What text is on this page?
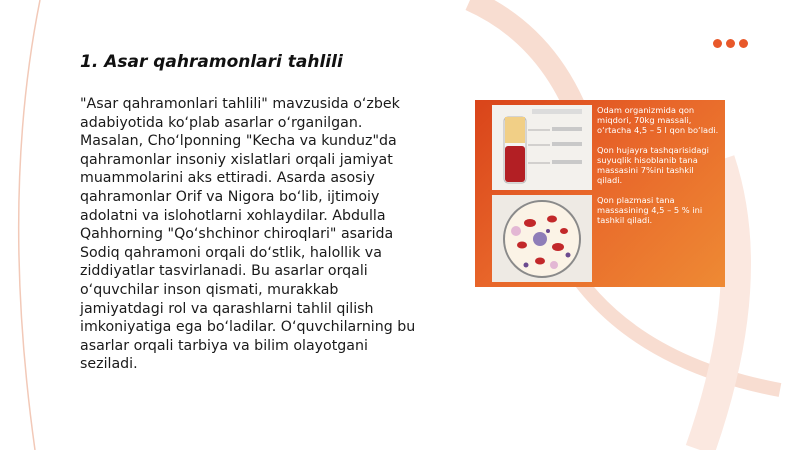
1. Asar qahramonlari tahlili

"Asar qahramonlari tahlili" mavzusida o‘zbek adabiyotida ko‘plab asarlar o‘rganilgan. Masalan, Cho‘lponning "Kecha va kunduz"da qahramonlar insoniy xislatlari orqali jamiyat muammolarini aks ettiradi. Asarda asosiy qahramonlar Orif va Nigora bo‘lib, ijtimoiy adolatni va islohotlarni xohlaydilar. Abdulla Qahhorning "Qo‘shchinor chiroqlari" asarida Sodiq qahramoni orqali do‘stlik, halollik va ziddiyatlar tasvirlanadi. Bu asarlar orqali o‘quvchilar inson qismati, murakkab jamiyatdagi rol va qarashlarni tahlil qilish imkoniyatiga ega bo‘ladilar. O‘quvchilarning bu asarlar orqali tarbiya va bilim olayotgani seziladi.

Odam organizmida qon miqdori, 70kg massali, o‘rtacha 4,5 – 5 l qon bo‘ladi.

Qon hujayra tashqarisidagi suyuqlik hisoblanib tana massasini 7%ini tashkil qiladi.

Qon plazmasi tana massasining 4,5 – 5 % ini tashkil qiladi.
